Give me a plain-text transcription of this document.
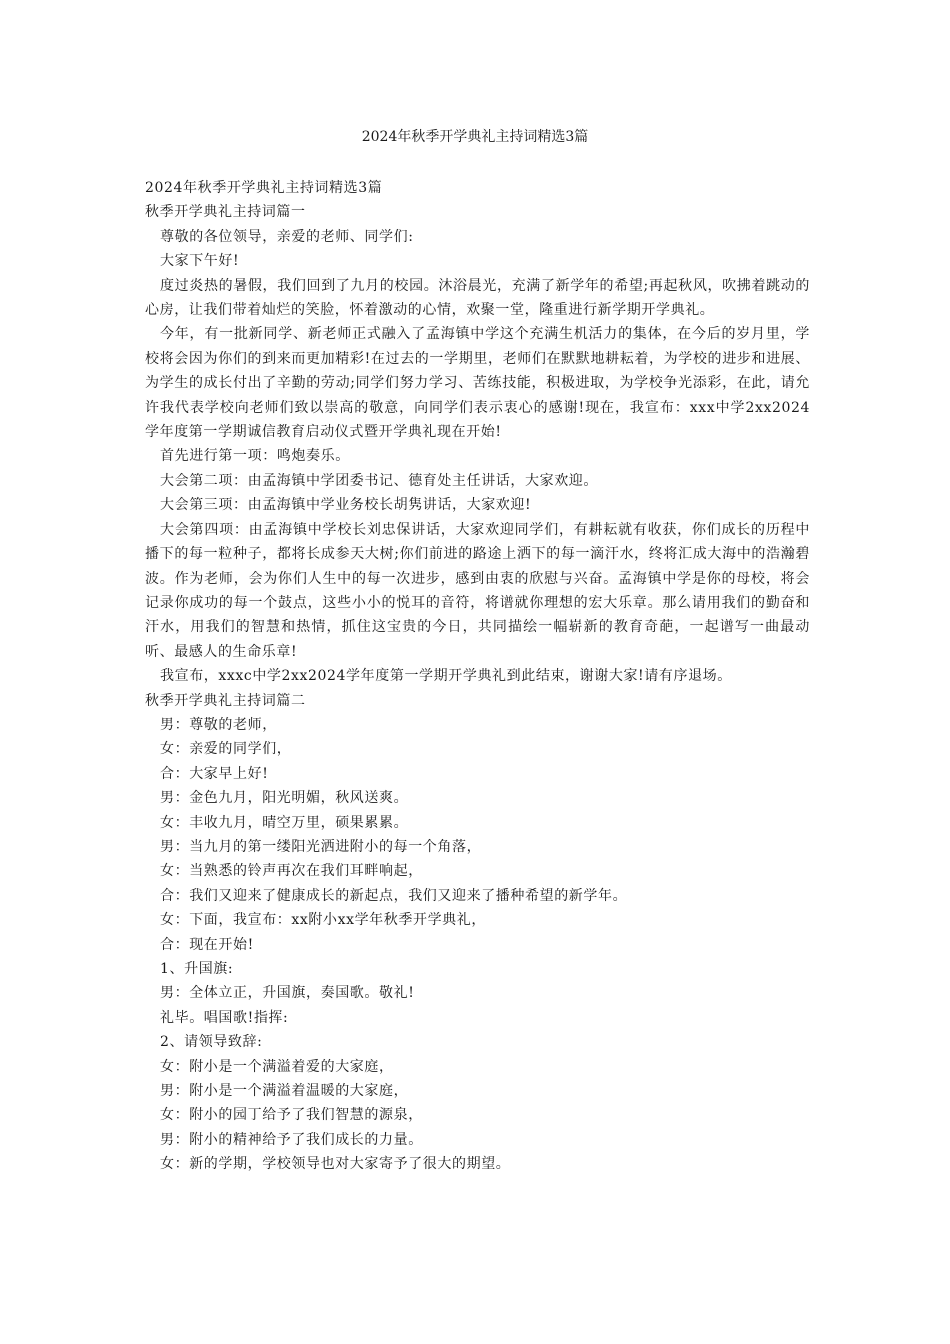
2024年秋季开学典礼主持词精选3篇

2024年秋季开学典礼主持词精选3篇

秋季开学典礼主持词篇一

尊敬的各位领导，亲爱的老师、同学们:

大家下午好!

度过炎热的暑假，我们回到了九月的校园。沐浴晨光，充满了新学年的希望;再起秋风，吹拂着跳动的心房，让我们带着灿烂的笑脸，怀着激动的心情，欢聚一堂，隆重进行新学期开学典礼。

今年，有一批新同学、新老师正式融入了孟海镇中学这个充满生机活力的集体，在今后的岁月里，学校将会因为你们的到来而更加精彩!在过去的一学期里，老师们在默默地耕耘着，为学校的进步和进展、为学生的成长付出了辛勤的劳动;同学们努力学习、苦练技能，积极进取，为学校争光添彩，在此，请允许我代表学校向老师们致以崇高的敬意，向同学们表示衷心的感谢!现在，我宣布：xxx中学2xx2024学年度第一学期诚信教育启动仪式暨开学典礼现在开始!

首先进行第一项：鸣炮奏乐。

大会第二项：由孟海镇中学团委书记、德育处主任讲话，大家欢迎。

大会第三项：由孟海镇中学业务校长胡隽讲话，大家欢迎!

大会第四项：由孟海镇中学校长刘忠保讲话，大家欢迎同学们，有耕耘就有收获，你们成长的历程中播下的每一粒种子，都将长成参天大树;你们前进的路途上洒下的每一滴汗水，终将汇成大海中的浩瀚碧波。作为老师，会为你们人生中的每一次进步，感到由衷的欣慰与兴奋。孟海镇中学是你的母校，将会记录你成功的每一个鼓点，这些小小的悦耳的音符，将谱就你理想的宏大乐章。那么请用我们的勤奋和汗水，用我们的智慧和热情，抓住这宝贵的今日，共同描绘一幅崭新的教育奇葩，一起谱写一曲最动听、最感人的生命乐章!

我宣布，xxxc中学2xx2024学年度第一学期开学典礼到此结束，谢谢大家!请有序退场。

秋季开学典礼主持词篇二

男：尊敬的老师，

女：亲爱的同学们，

合：大家早上好!

男：金色九月，阳光明媚，秋风送爽。

女：丰收九月，晴空万里，硕果累累。

男：当九月的第一缕阳光洒进附小的每一个角落，

女：当熟悉的铃声再次在我们耳畔响起，

合：我们又迎来了健康成长的新起点，我们又迎来了播种希望的新学年。

女：下面，我宣布：xx附小xx学年秋季开学典礼，

合：现在开始!

1、升国旗:

男：全体立正，升国旗，奏国歌。敬礼!

礼毕。唱国歌!指挥:

2、请领导致辞:

女：附小是一个满溢着爱的大家庭，

男：附小是一个满溢着温暖的大家庭，

女：附小的园丁给予了我们智慧的源泉，

男：附小的精神给予了我们成长的力量。

女：新的学期，学校领导也对大家寄予了很大的期望。
